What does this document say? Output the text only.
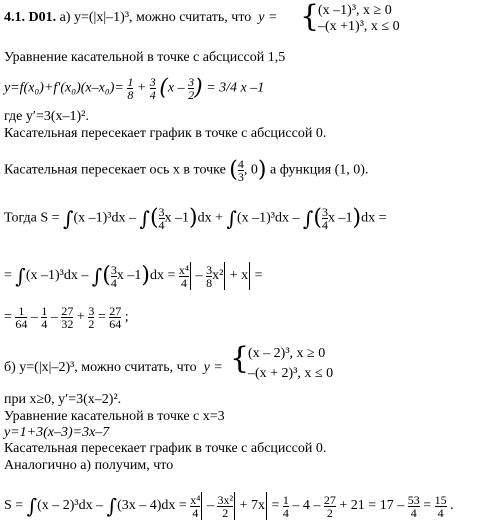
4.1. D01. а) y=(|x|–1)³, можно считать, что  y = {
(x –1)³, x ≥ 0
–(x +1)³, x ≤ 0
Уравнение касательной в точке с абсциссой 1,5
$y=f(x_0)+f'(x_0)(x-x_0)= \frac{1}{8} + \frac{3}{4} (x - \frac{3}{2}$ ) = 3/4 x –1
где y′=3(x–1)².
Касательная пересекает график в точке с абсциссой 0.
Касательная пересекает ось x в точке ( $\frac{4}{3}$ , 0) а функция (1, 0).
Тогда S = ∫(x –1)³dx – ∫( $\frac{3}{4}$ x –1)dx + ∫(x –1)³dx – ∫( $\frac{3}{4}$ x –1)dx =
= ∫(x –1)³dx – ∫( $\frac{3}{4}$ x $-1)dx = \frac{\text{x⁴}}{4} - \frac{3}{8} x^2 + x$ =
= $\frac{1}{64} - \frac{1}{4} - \frac{27}{32} + \frac{3}{2} = \frac{27}{64}$ ;
б) y=(|x|–2)³, можно считать, что  y = {
(x – 2)³, x ≥ 0
–(x + 2)³, x ≤ 0
при x≥0, y′=3(x–2)².
Уравнение касательной в точке с x=3
y=1+3(x–3)=3x–7
Касательная пересекает график в точке с абсциссой 0.
Аналогично а) получим, что
$S = \int(x - 2)^3dx - \int(3x - 4)dx = \frac{\text{x⁴}}{4} - \frac{\text{3x²}}{2} + 7x = \frac{1}{4} - 4 - \frac{27}{2} + 21 = 17 - \frac{53}{4} = \frac{15}{4}$ .
